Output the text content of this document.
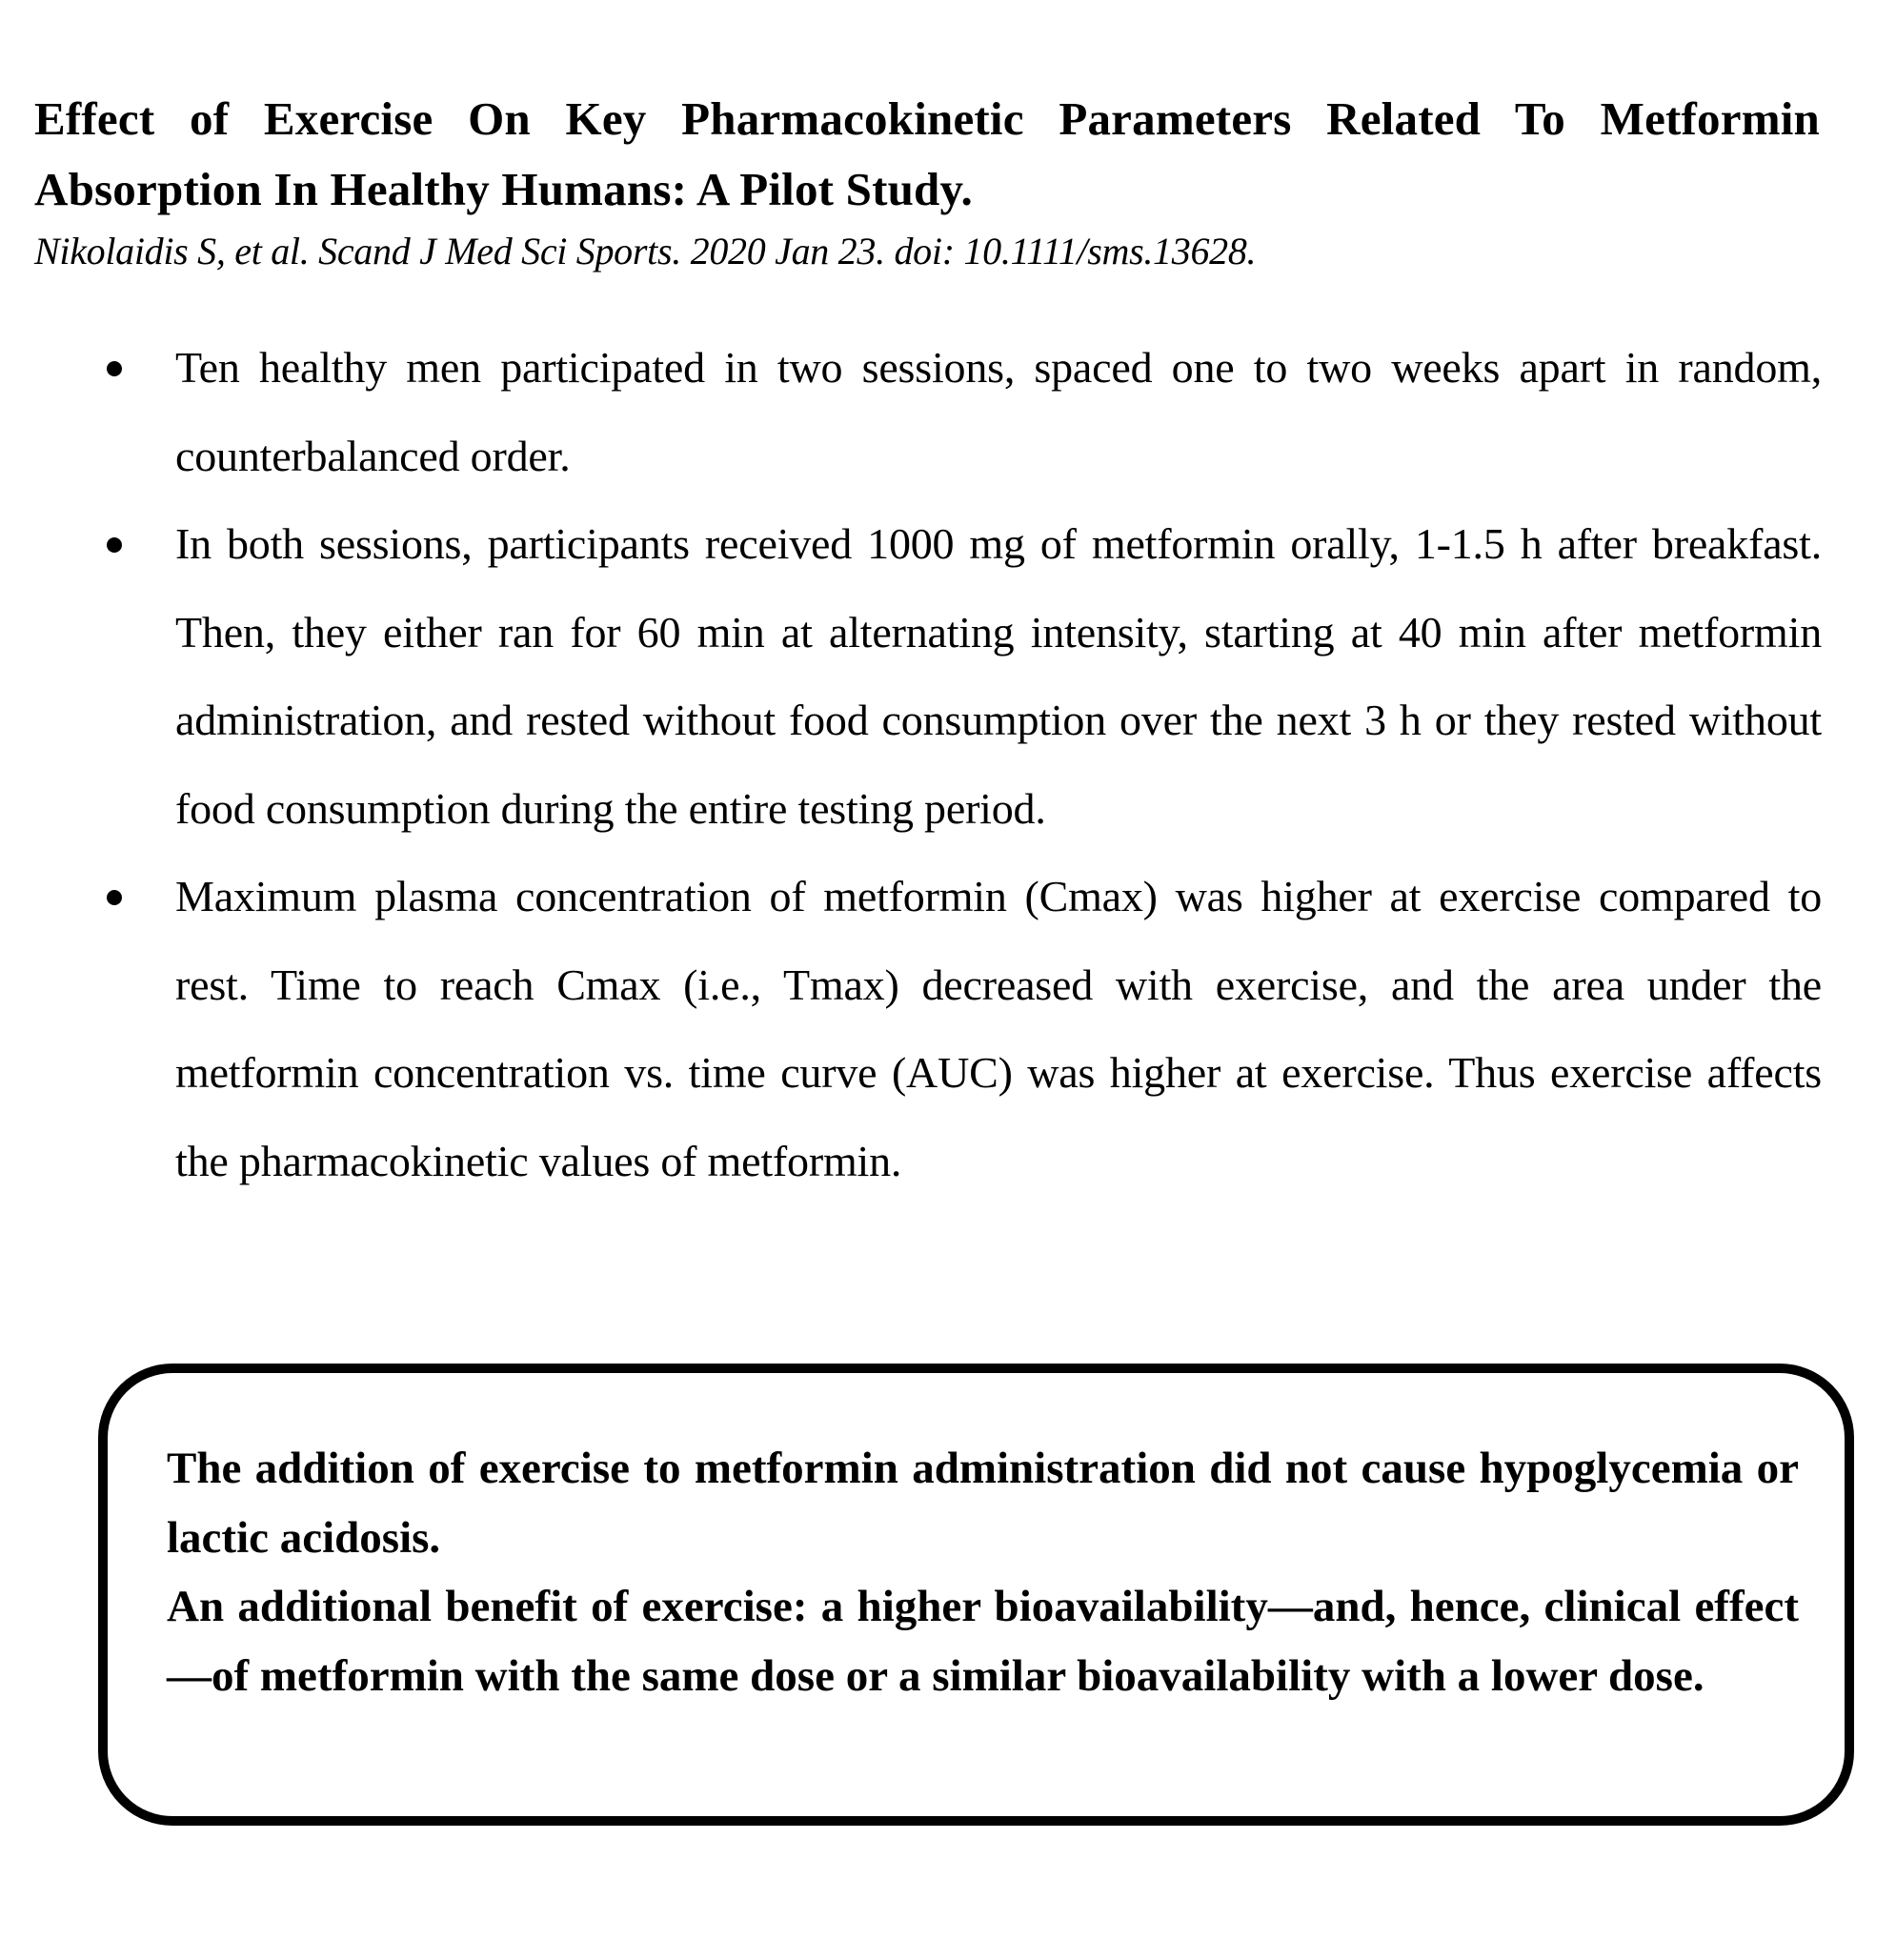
Effect of Exercise On Key Pharmacokinetic Parameters Related To Metformin Absorption In Healthy Humans: A Pilot Study.

Nikolaidis S, et al. Scand J Med Sci Sports. 2020 Jan 23. doi: 10.1111/sms.13628.

Ten healthy men participated in two sessions, spaced one to two weeks apart in random, counterbalanced order.
In both sessions, participants received 1000 mg of metformin orally, 1-1.5 h after breakfast. Then, they either ran for 60 min at alternating intensity, starting at 40 min after metformin administration, and rested without food consumption over the next 3 h or they rested without food consumption during the entire testing period.
Maximum plasma concentration of metformin (Cmax) was higher at exercise compared to rest. Time to reach Cmax (i.e., Tmax) decreased with exercise, and the area under the metformin concentration vs. time curve (AUC) was higher at exercise. Thus exercise affects the pharmacokinetic values of metformin.

The addition of exercise to metformin administration did not cause hypoglycemia or lactic acidosis.

An additional benefit of exercise: a higher bioavailability—and, hence, clinical effect—of metformin with the same dose or a similar bioavailability with a lower dose.
